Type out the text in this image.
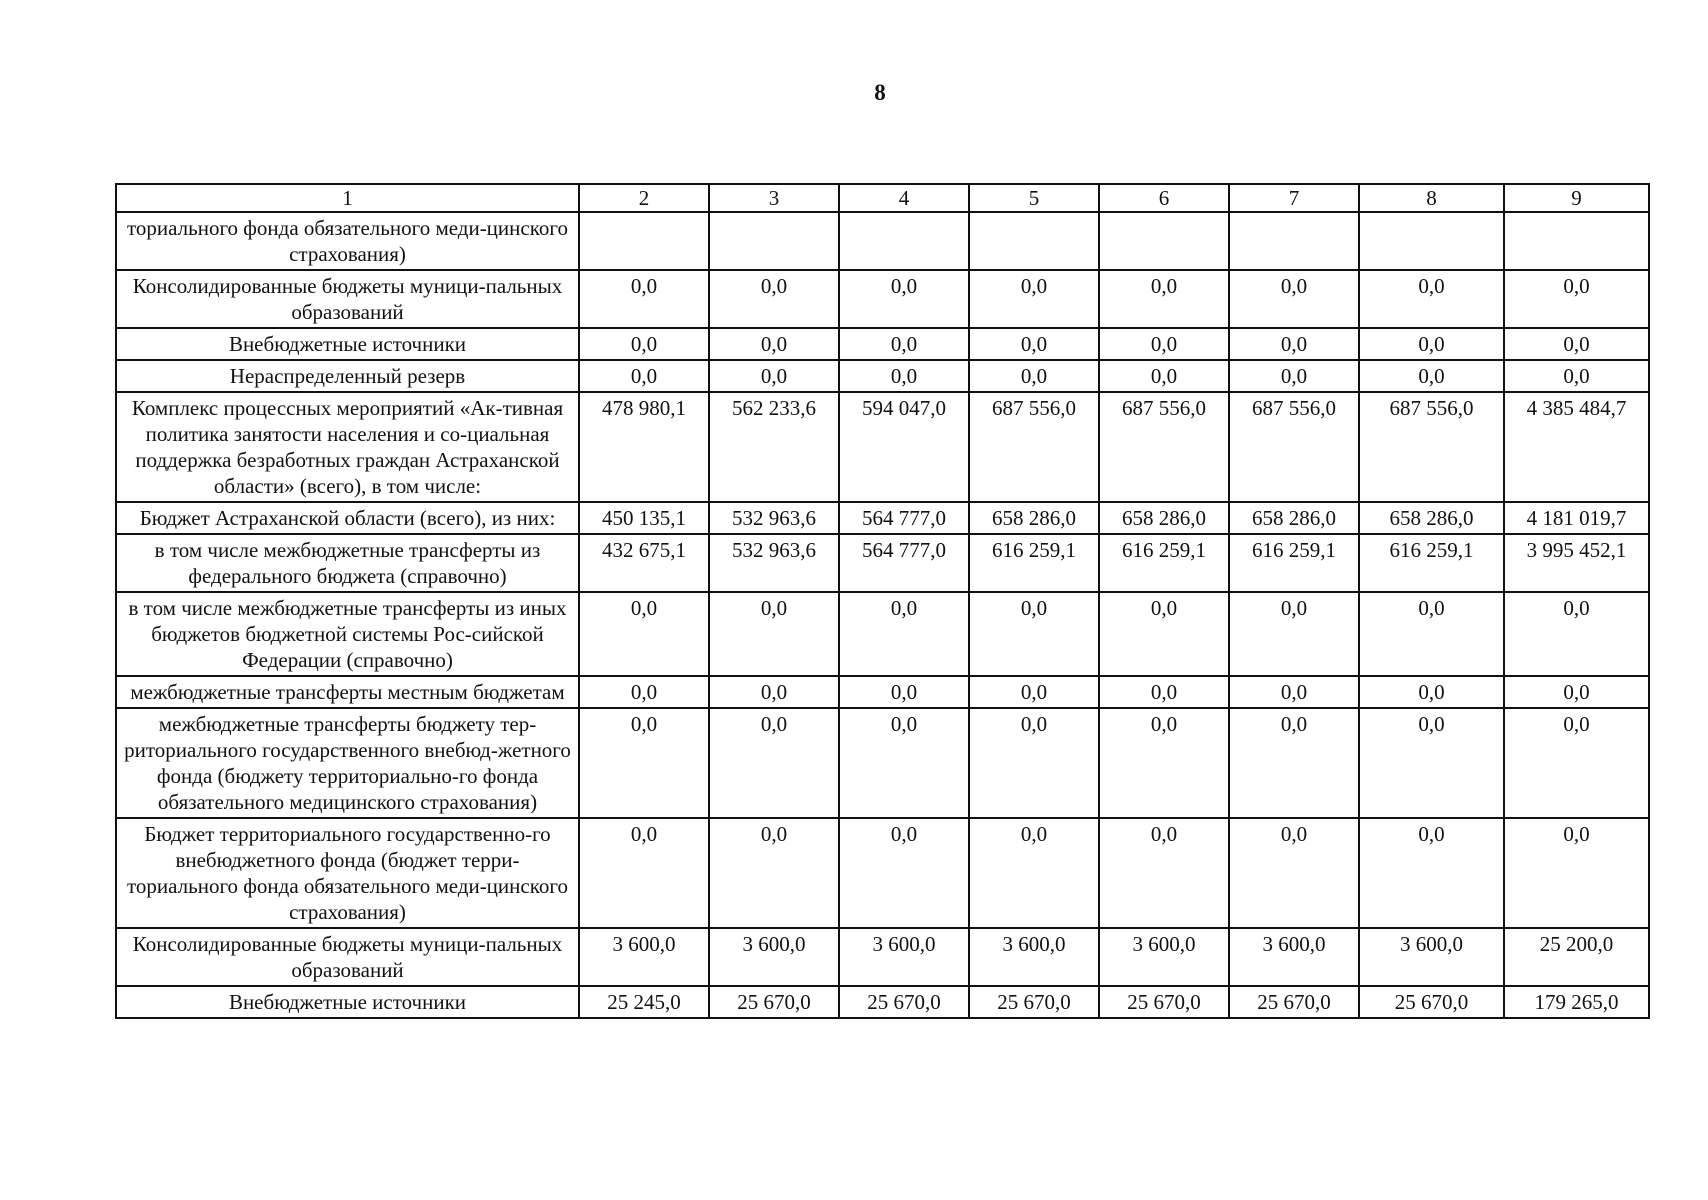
8
1	2	3	4	5	6	7	8	9
ториального фонда обязательного меди-цинского страхования)								
Консолидированные бюджеты муници-пальных образований	0,0	0,0	0,0	0,0	0,0	0,0	0,0	0,0
Внебюджетные источники	0,0	0,0	0,0	0,0	0,0	0,0	0,0	0,0
Нераспределенный резерв	0,0	0,0	0,0	0,0	0,0	0,0	0,0	0,0
Комплекс процессных мероприятий «Ак-тивная политика занятости населения и со-циальная поддержка безработных граждан Астраханской области» (всего), в том числе:	478 980,1	562 233,6	594 047,0	687 556,0	687 556,0	687 556,0	687 556,0	4 385 484,7
Бюджет Астраханской области (всего), из них:	450 135,1	532 963,6	564 777,0	658 286,0	658 286,0	658 286,0	658 286,0	4 181 019,7
в том числе межбюджетные трансферты из федерального бюджета (справочно)	432 675,1	532 963,6	564 777,0	616 259,1	616 259,1	616 259,1	616 259,1	3 995 452,1
в том числе межбюджетные трансферты из иных бюджетов бюджетной системы Рос-сийской Федерации (справочно)	0,0	0,0	0,0	0,0	0,0	0,0	0,0	0,0
межбюджетные трансферты местным бюджетам	0,0	0,0	0,0	0,0	0,0	0,0	0,0	0,0
межбюджетные трансферты бюджету тер-риториального государственного внебюд-жетного фонда (бюджету территориально-го фонда обязательного медицинского страхования)	0,0	0,0	0,0	0,0	0,0	0,0	0,0	0,0
Бюджет территориального государственно-го внебюджетного фонда (бюджет терри-ториального фонда обязательного меди-цинского страхования)	0,0	0,0	0,0	0,0	0,0	0,0	0,0	0,0
Консолидированные бюджеты муници-пальных образований	3 600,0	3 600,0	3 600,0	3 600,0	3 600,0	3 600,0	3 600,0	25 200,0
Внебюджетные источники	25 245,0	25 670,0	25 670,0	25 670,0	25 670,0	25 670,0	25 670,0	179 265,0
